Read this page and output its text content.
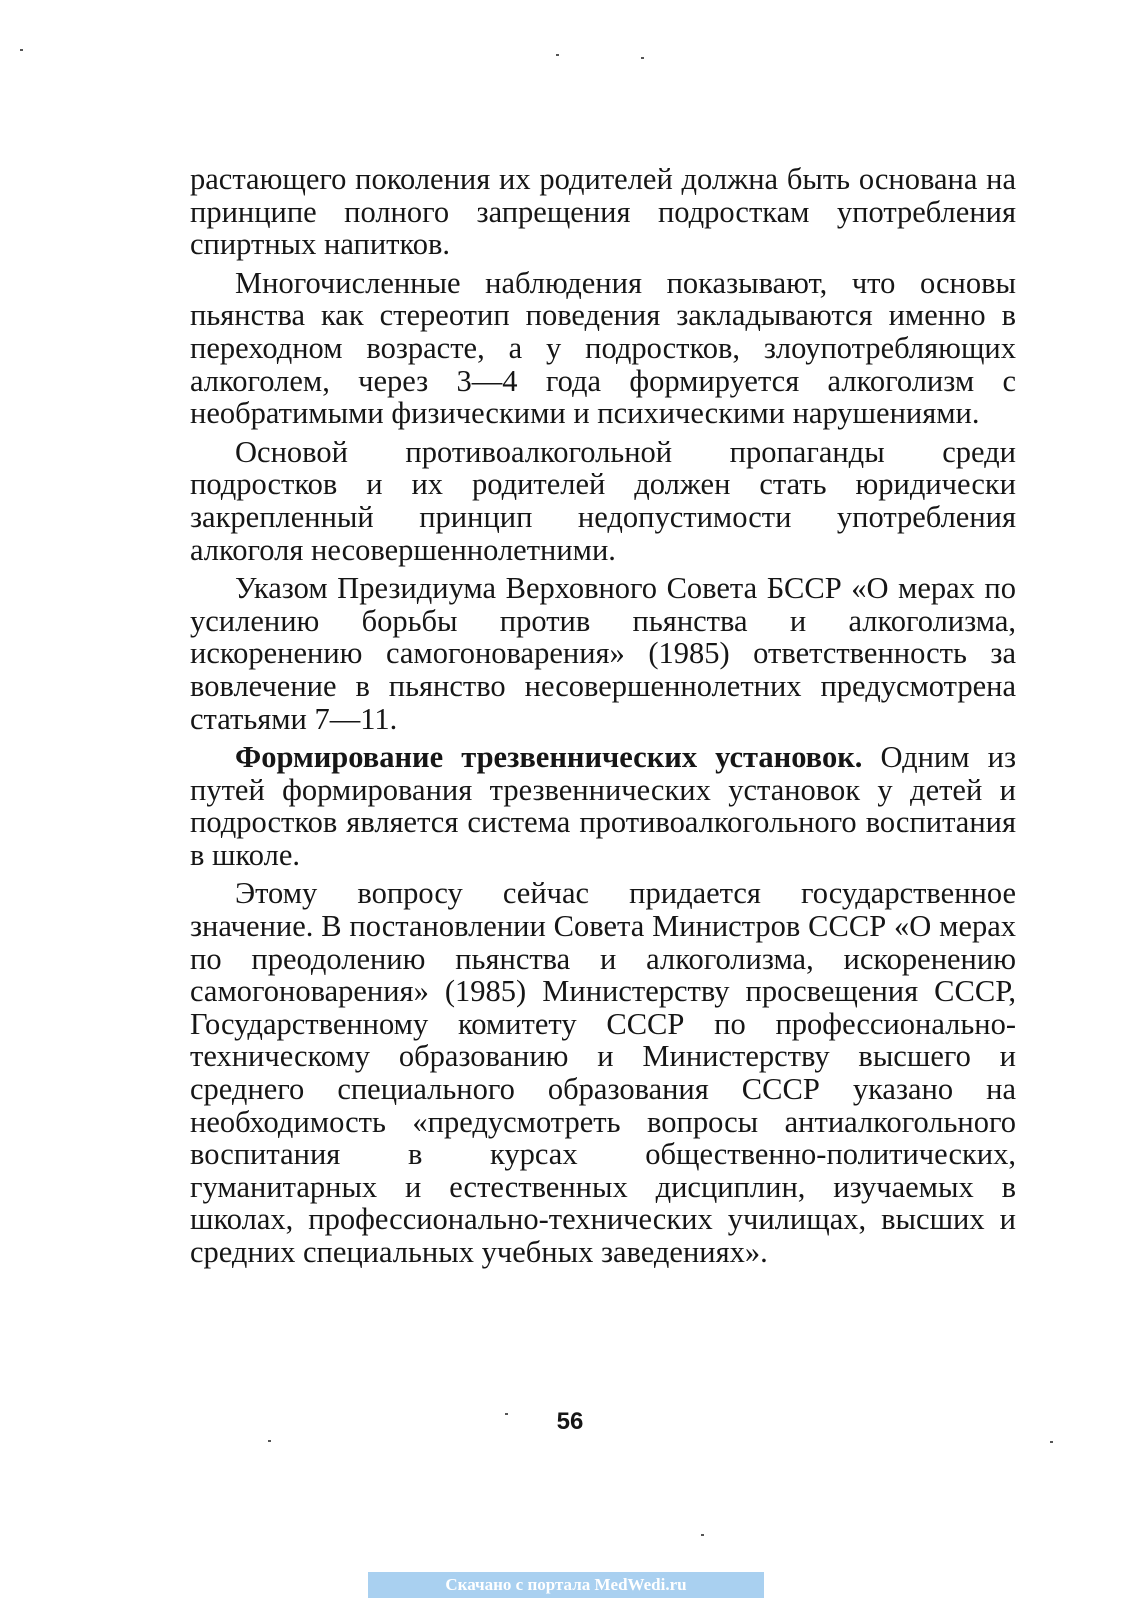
растающего поколения их родителей должна быть основана на принципе полного запрещения подросткам употребления спиртных напитков.

Многочисленные наблюдения показывают, что основы пьянства как стереотип поведения закладываются именно в переходном возрасте, а у подростков, злоупотребляющих алкоголем, через 3—4 года формируется алкоголизм с необратимыми физическими и психическими нарушениями.

Основой противоалкогольной пропаганды среди подростков и их родителей должен стать юридически закрепленный принцип недопустимости употребления алкоголя несовершеннолетними.

Указом Президиума Верховного Совета БССР «О мерах по усилению борьбы против пьянства и алкоголизма, искоренению самогоноварения» (1985) ответственность за вовлечение в пьянство несовершеннолетних предусмотрена статьями 7—11.

Формирование трезвеннических установок. Одним из путей формирования трезвеннических установок у детей и подростков является система противоалкогольного воспитания в школе.

Этому вопросу сейчас придается государственное значение. В постановлении Совета Министров СССР «О мерах по преодолению пьянства и алкоголизма, искоренению самогоноварения» (1985) Министерству просвещения СССР, Государственному комитету СССР по профессионально-техническому образованию и Министерству высшего и среднего специального образования СССР указано на необходимость «предусмотреть вопросы антиалкогольного воспитания в курсах общественно-политических, гуманитарных и естественных дисциплин, изучаемых в школах, профессионально-технических училищах, высших и средних специальных учебных заведениях».

56
Скачано с портала MedWedi.ru
